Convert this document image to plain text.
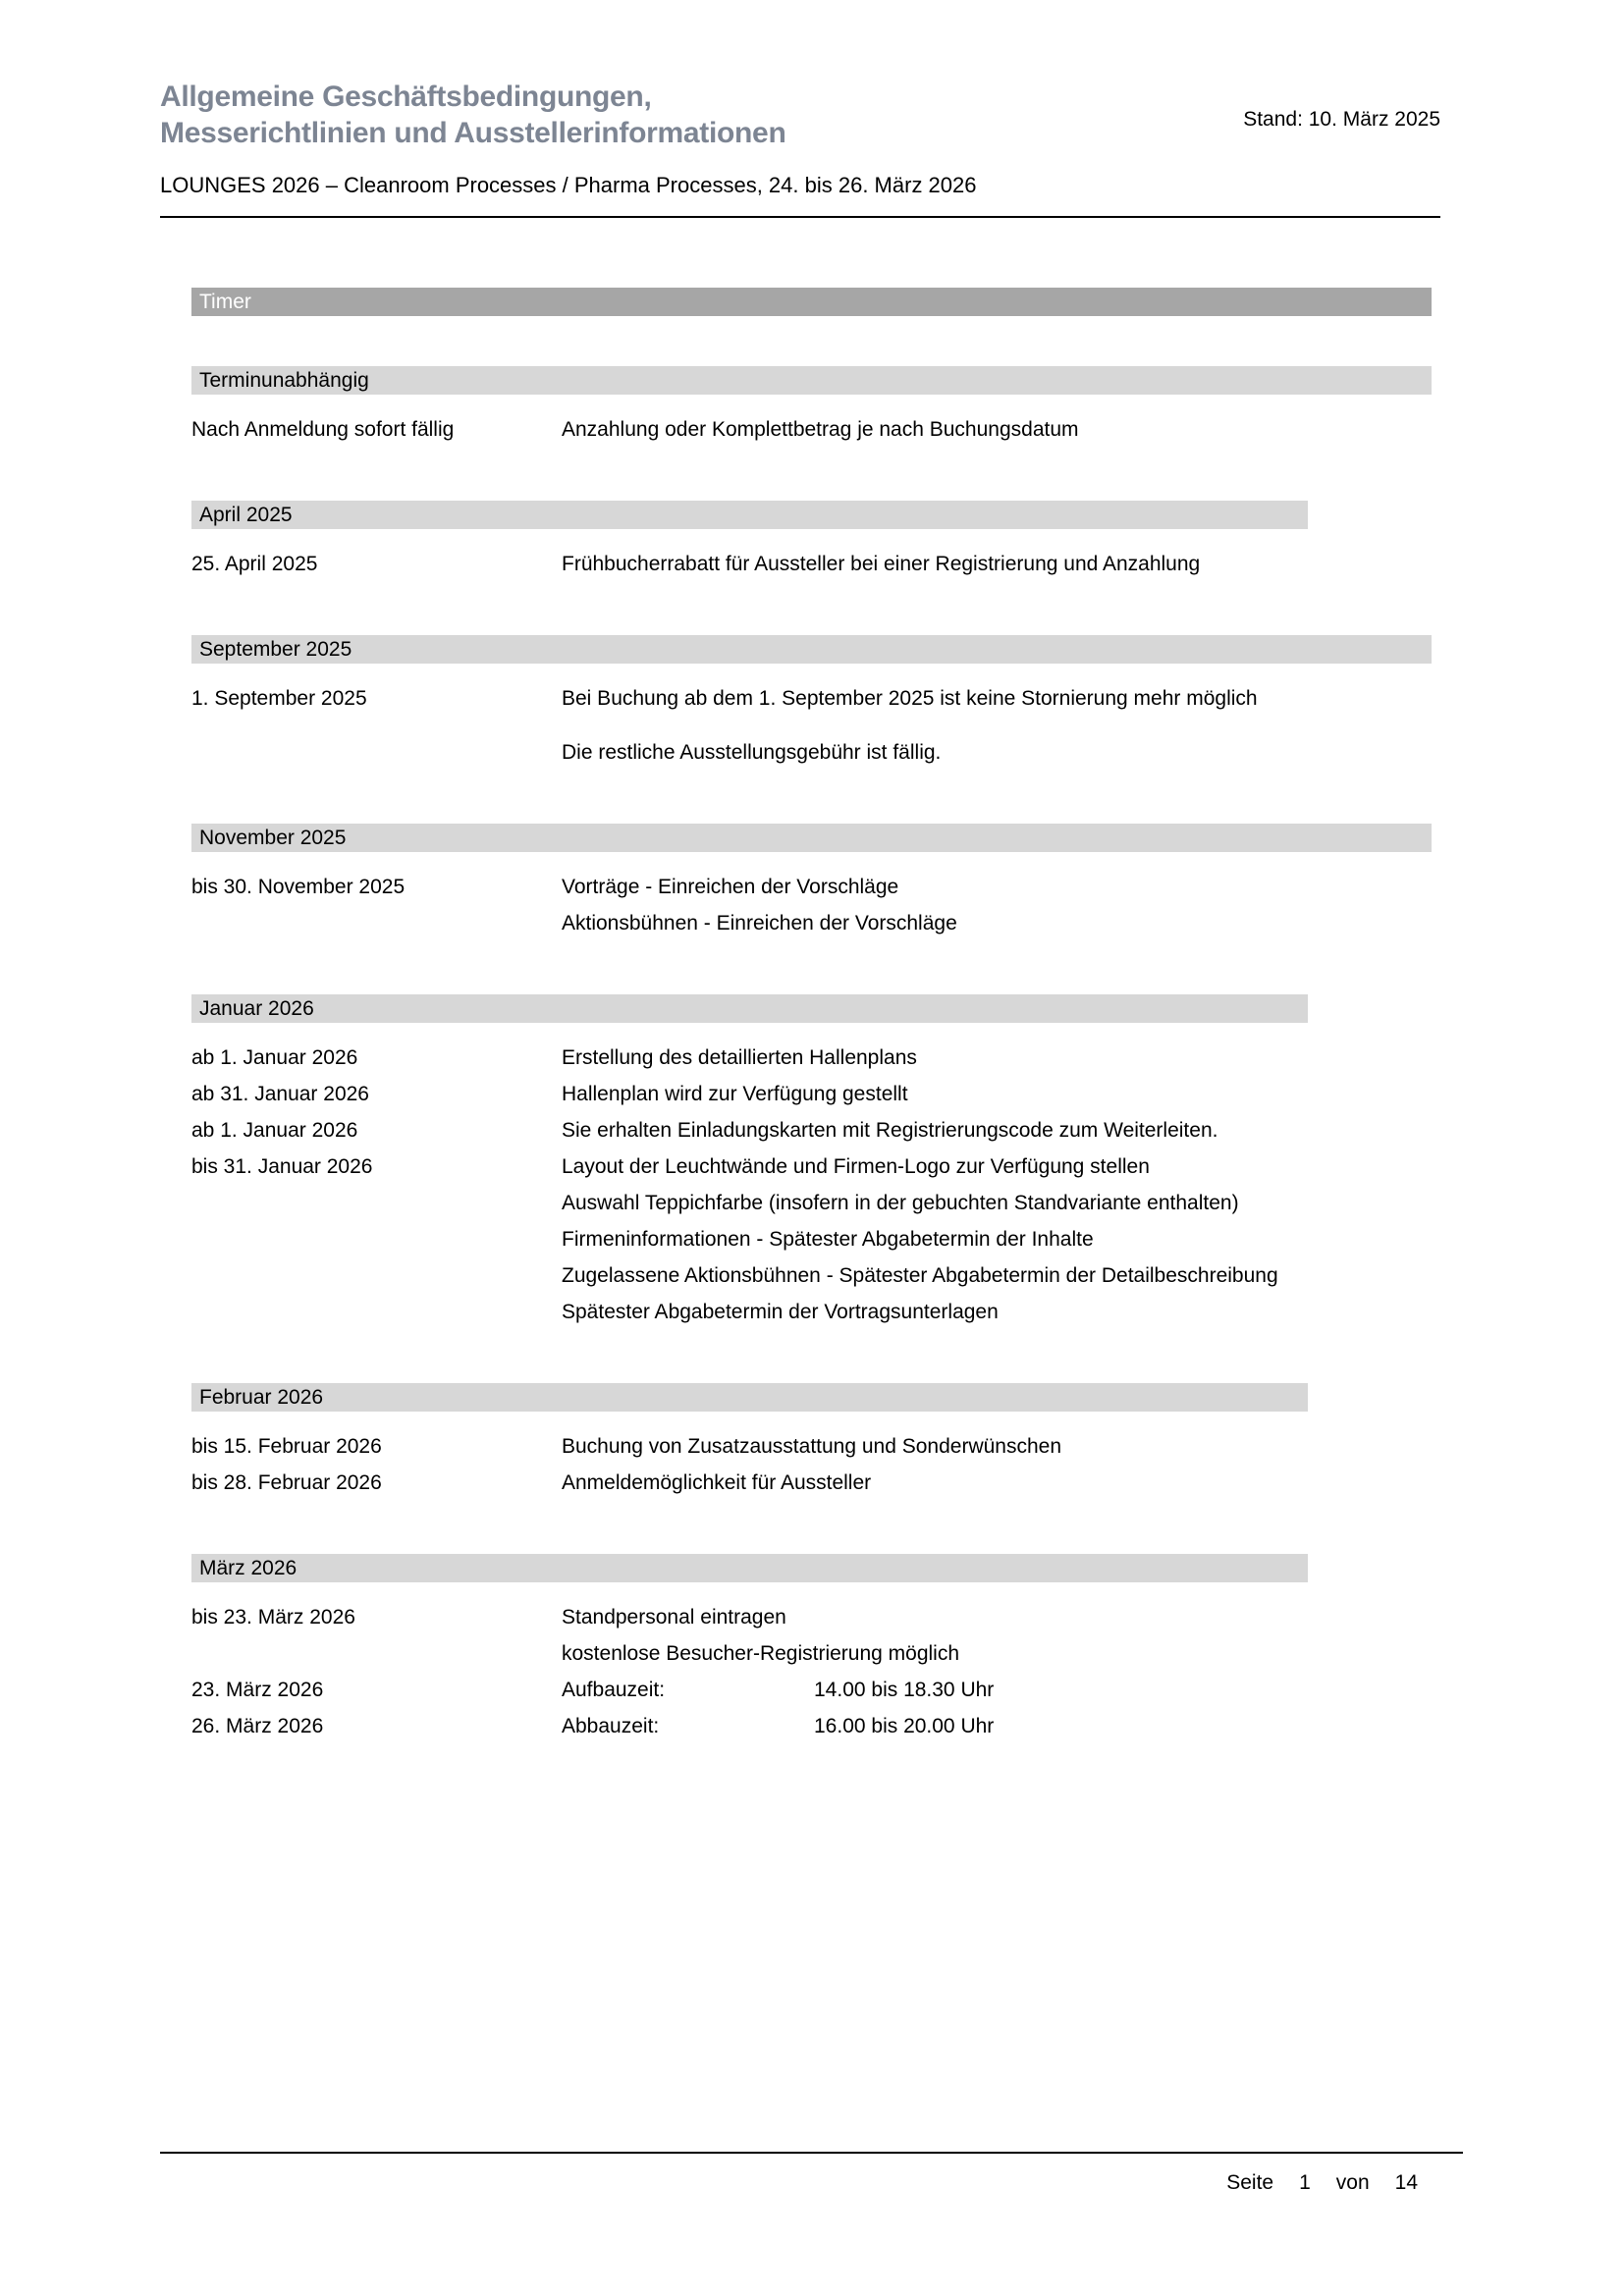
Allgemeine Geschäftsbedingungen,
Messerichtlinien und Ausstellerinformationen	Stand: 10. März 2025
LOUNGES 2026 – Cleanroom Processes / Pharma Processes, 24. bis 26. März 2026
Timer
Terminunabhängig
Nach Anmeldung sofort fällig	Anzahlung oder Komplettbetrag je nach Buchungsdatum
April 2025
25. April 2025	Frühbucherrabatt für Aussteller bei einer Registrierung und Anzahlung
September 2025
1. September 2025	Bei Buchung ab dem 1. September 2025 ist keine Stornierung mehr möglich
Die restliche Ausstellungsgebühr ist fällig.
November 2025
bis 30. November 2025	Vorträge - Einreichen der Vorschläge
Aktionsbühnen - Einreichen der Vorschläge
Januar 2026
ab 1. Januar 2026	Erstellung des detaillierten Hallenplans
ab 31. Januar 2026	Hallenplan wird zur Verfügung gestellt
ab 1. Januar 2026	Sie erhalten Einladungskarten mit Registrierungscode zum Weiterleiten.
bis 31. Januar 2026	Layout der Leuchtwände und Firmen-Logo zur Verfügung stellen
Auswahl Teppichfarbe (insofern in der gebuchten Standvariante enthalten)
Firmeninformationen - Spätester Abgabetermin der Inhalte
Zugelassene Aktionsbühnen - Spätester Abgabetermin der Detailbeschreibung
Spätester Abgabetermin der Vortragsunterlagen
Februar 2026
bis 15. Februar 2026	Buchung von Zusatzausstattung und Sonderwünschen
bis 28. Februar 2026	Anmeldemöglichkeit für Aussteller
März 2026
bis 23. März 2026	Standpersonal eintragen
kostenlose Besucher-Registrierung möglich
23. März 2026	Aufbauzeit:	14.00 bis 18.30 Uhr
26. März 2026	Abbauzeit:	16.00 bis 20.00 Uhr
Seite 1 von 14
